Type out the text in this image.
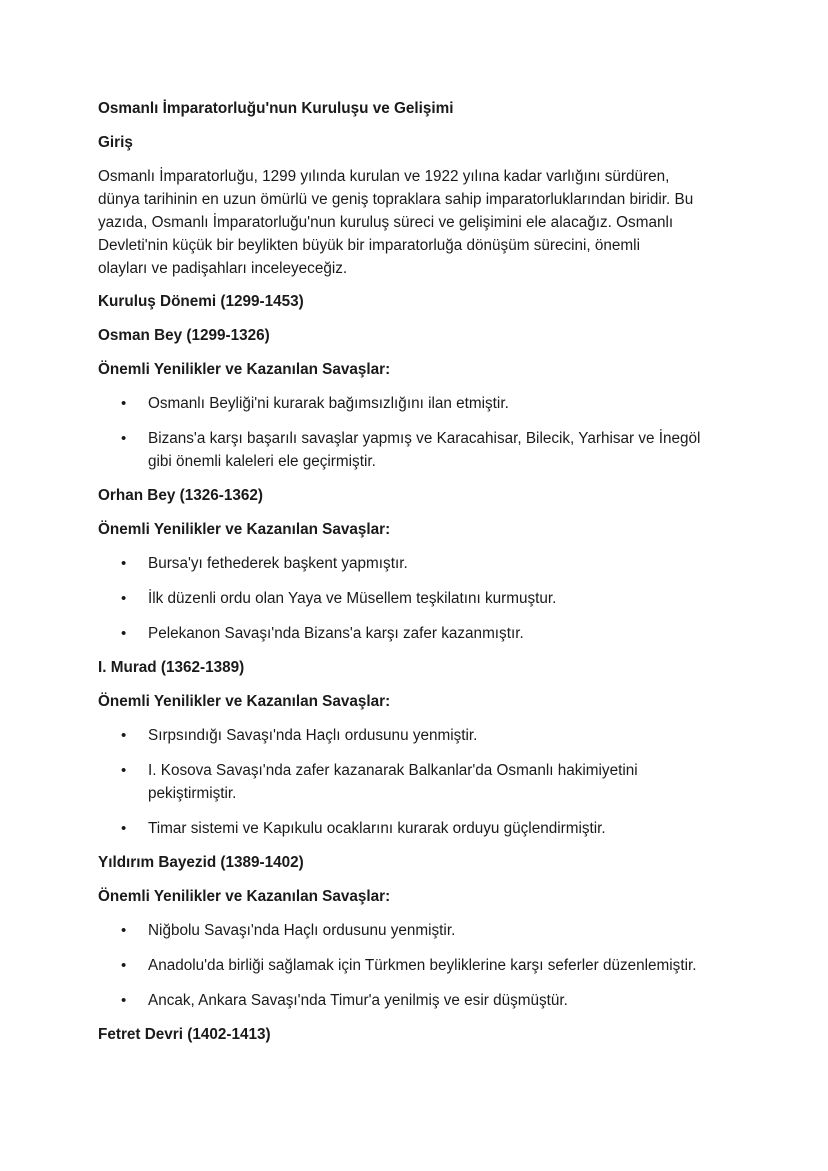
Osmanlı İmparatorluğu'nun Kuruluşu ve Gelişimi

Giriş

Osmanlı İmparatorluğu, 1299 yılında kurulan ve 1922 yılına kadar varlığını sürdüren,
dünya tarihinin en uzun ömürlü ve geniş topraklara sahip imparatorluklarından biridir. Bu
yazıda, Osmanlı İmparatorluğu'nun kuruluş süreci ve gelişimini ele alacağız. Osmanlı
Devleti'nin küçük bir beylikten büyük bir imparatorluğa dönüşüm sürecini, önemli
olayları ve padişahları inceleyeceğiz.

Kuruluş Dönemi (1299-1453)

Osman Bey (1299-1326)

Önemli Yenilikler ve Kazanılan Savaşlar:

• Osmanlı Beyliği'ni kurarak bağımsızlığını ilan etmiştir.
• Bizans'a karşı başarılı savaşlar yapmış ve Karacahisar, Bilecik, Yarhisar ve İnegöl
gibi önemli kaleleri ele geçirmiştir.

Orhan Bey (1326-1362)

Önemli Yenilikler ve Kazanılan Savaşlar:

• Bursa'yı fethederek başkent yapmıştır.
• İlk düzenli ordu olan Yaya ve Müsellem teşkilatını kurmuştur.
• Pelekanon Savaşı'nda Bizans'a karşı zafer kazanmıştır.

I. Murad (1362-1389)

Önemli Yenilikler ve Kazanılan Savaşlar:

• Sırpsındığı Savaşı'nda Haçlı ordusunu yenmiştir.
• I. Kosova Savaşı'nda zafer kazanarak Balkanlar'da Osmanlı hakimiyetini
pekiştirmiştir.
• Timar sistemi ve Kapıkulu ocaklarını kurarak orduyu güçlendirmiştir.

Yıldırım Bayezid (1389-1402)

Önemli Yenilikler ve Kazanılan Savaşlar:

• Niğbolu Savaşı'nda Haçlı ordusunu yenmiştir.
• Anadolu'da birliği sağlamak için Türkmen beyliklerine karşı seferler düzenlemiştir.
• Ancak, Ankara Savaşı'nda Timur'a yenilmiş ve esir düşmüştür.

Fetret Devri (1402-1413)
